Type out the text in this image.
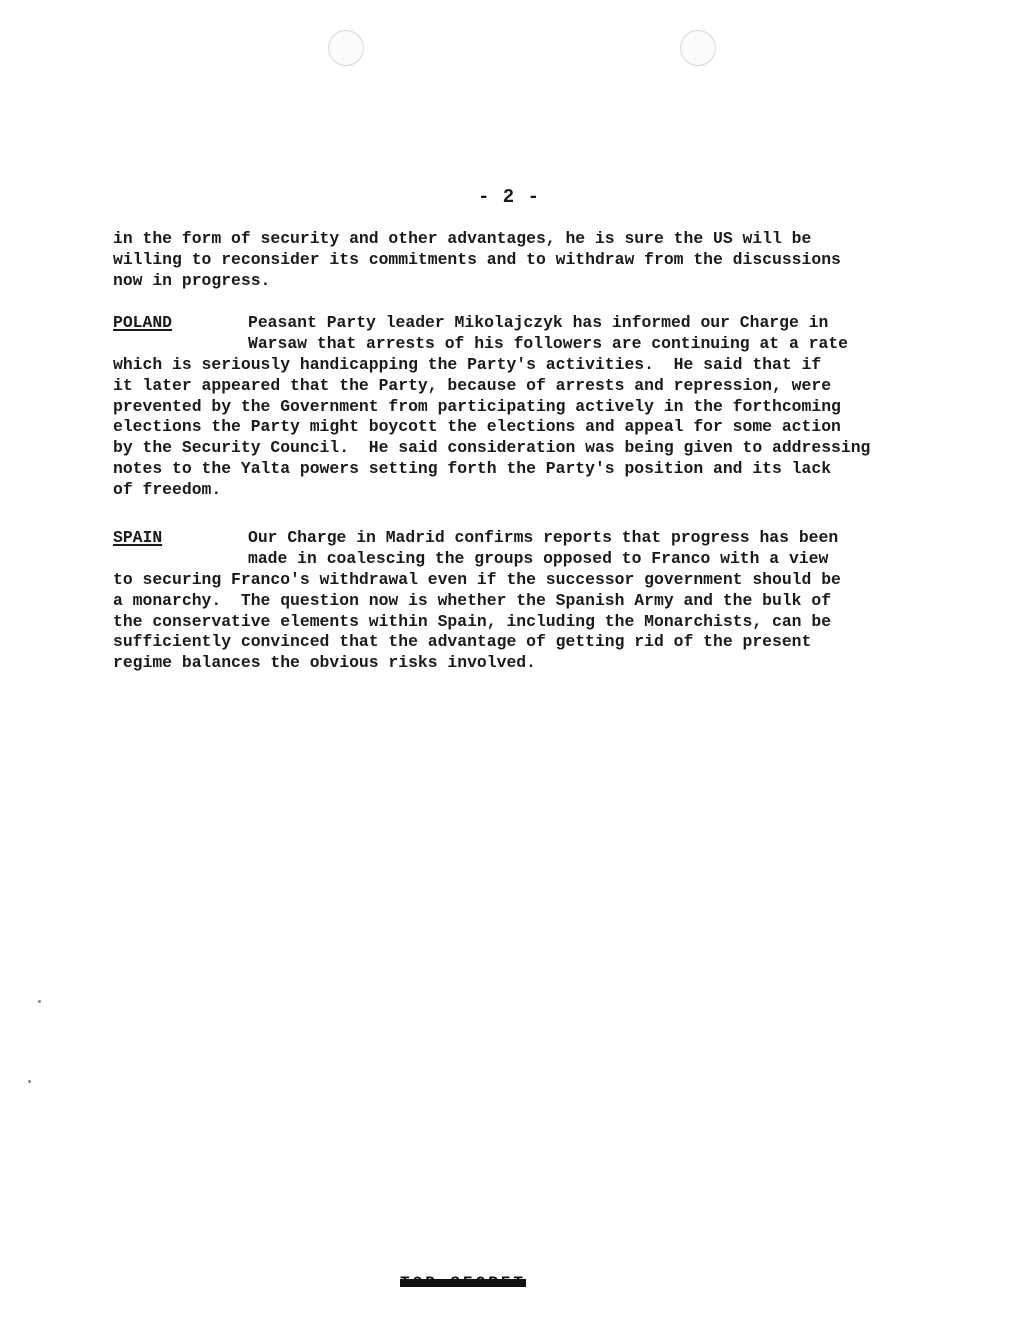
- 2 -
in the form of security and other advantages, he is sure the US will be
willing to reconsider its commitments and to withdraw from the discussions
now in progress.
POLAND	Peasant Party leader Mikolajczyk has informed our Charge in
Warsaw that arrests of his followers are continuing at a rate
which is seriously handicapping the Party's activities.  He said that if
it later appeared that the Party, because of arrests and repression, were
prevented by the Government from participating actively in the forthcoming
elections the Party might boycott the elections and appeal for some action
by the Security Council.  He said consideration was being given to addressing
notes to the Yalta powers setting forth the Party's position and its lack
of freedom.
SPAIN	Our Charge in Madrid confirms reports that progress has been
made in coalescing the groups opposed to Franco with a view
to securing Franco's withdrawal even if the successor government should be
a monarchy.  The question now is whether the Spanish Army and the bulk of
the conservative elements within Spain, including the Monarchists, can be
sufficiently convinced that the advantage of getting rid of the present
regime balances the obvious risks involved.
TOP SECRET
